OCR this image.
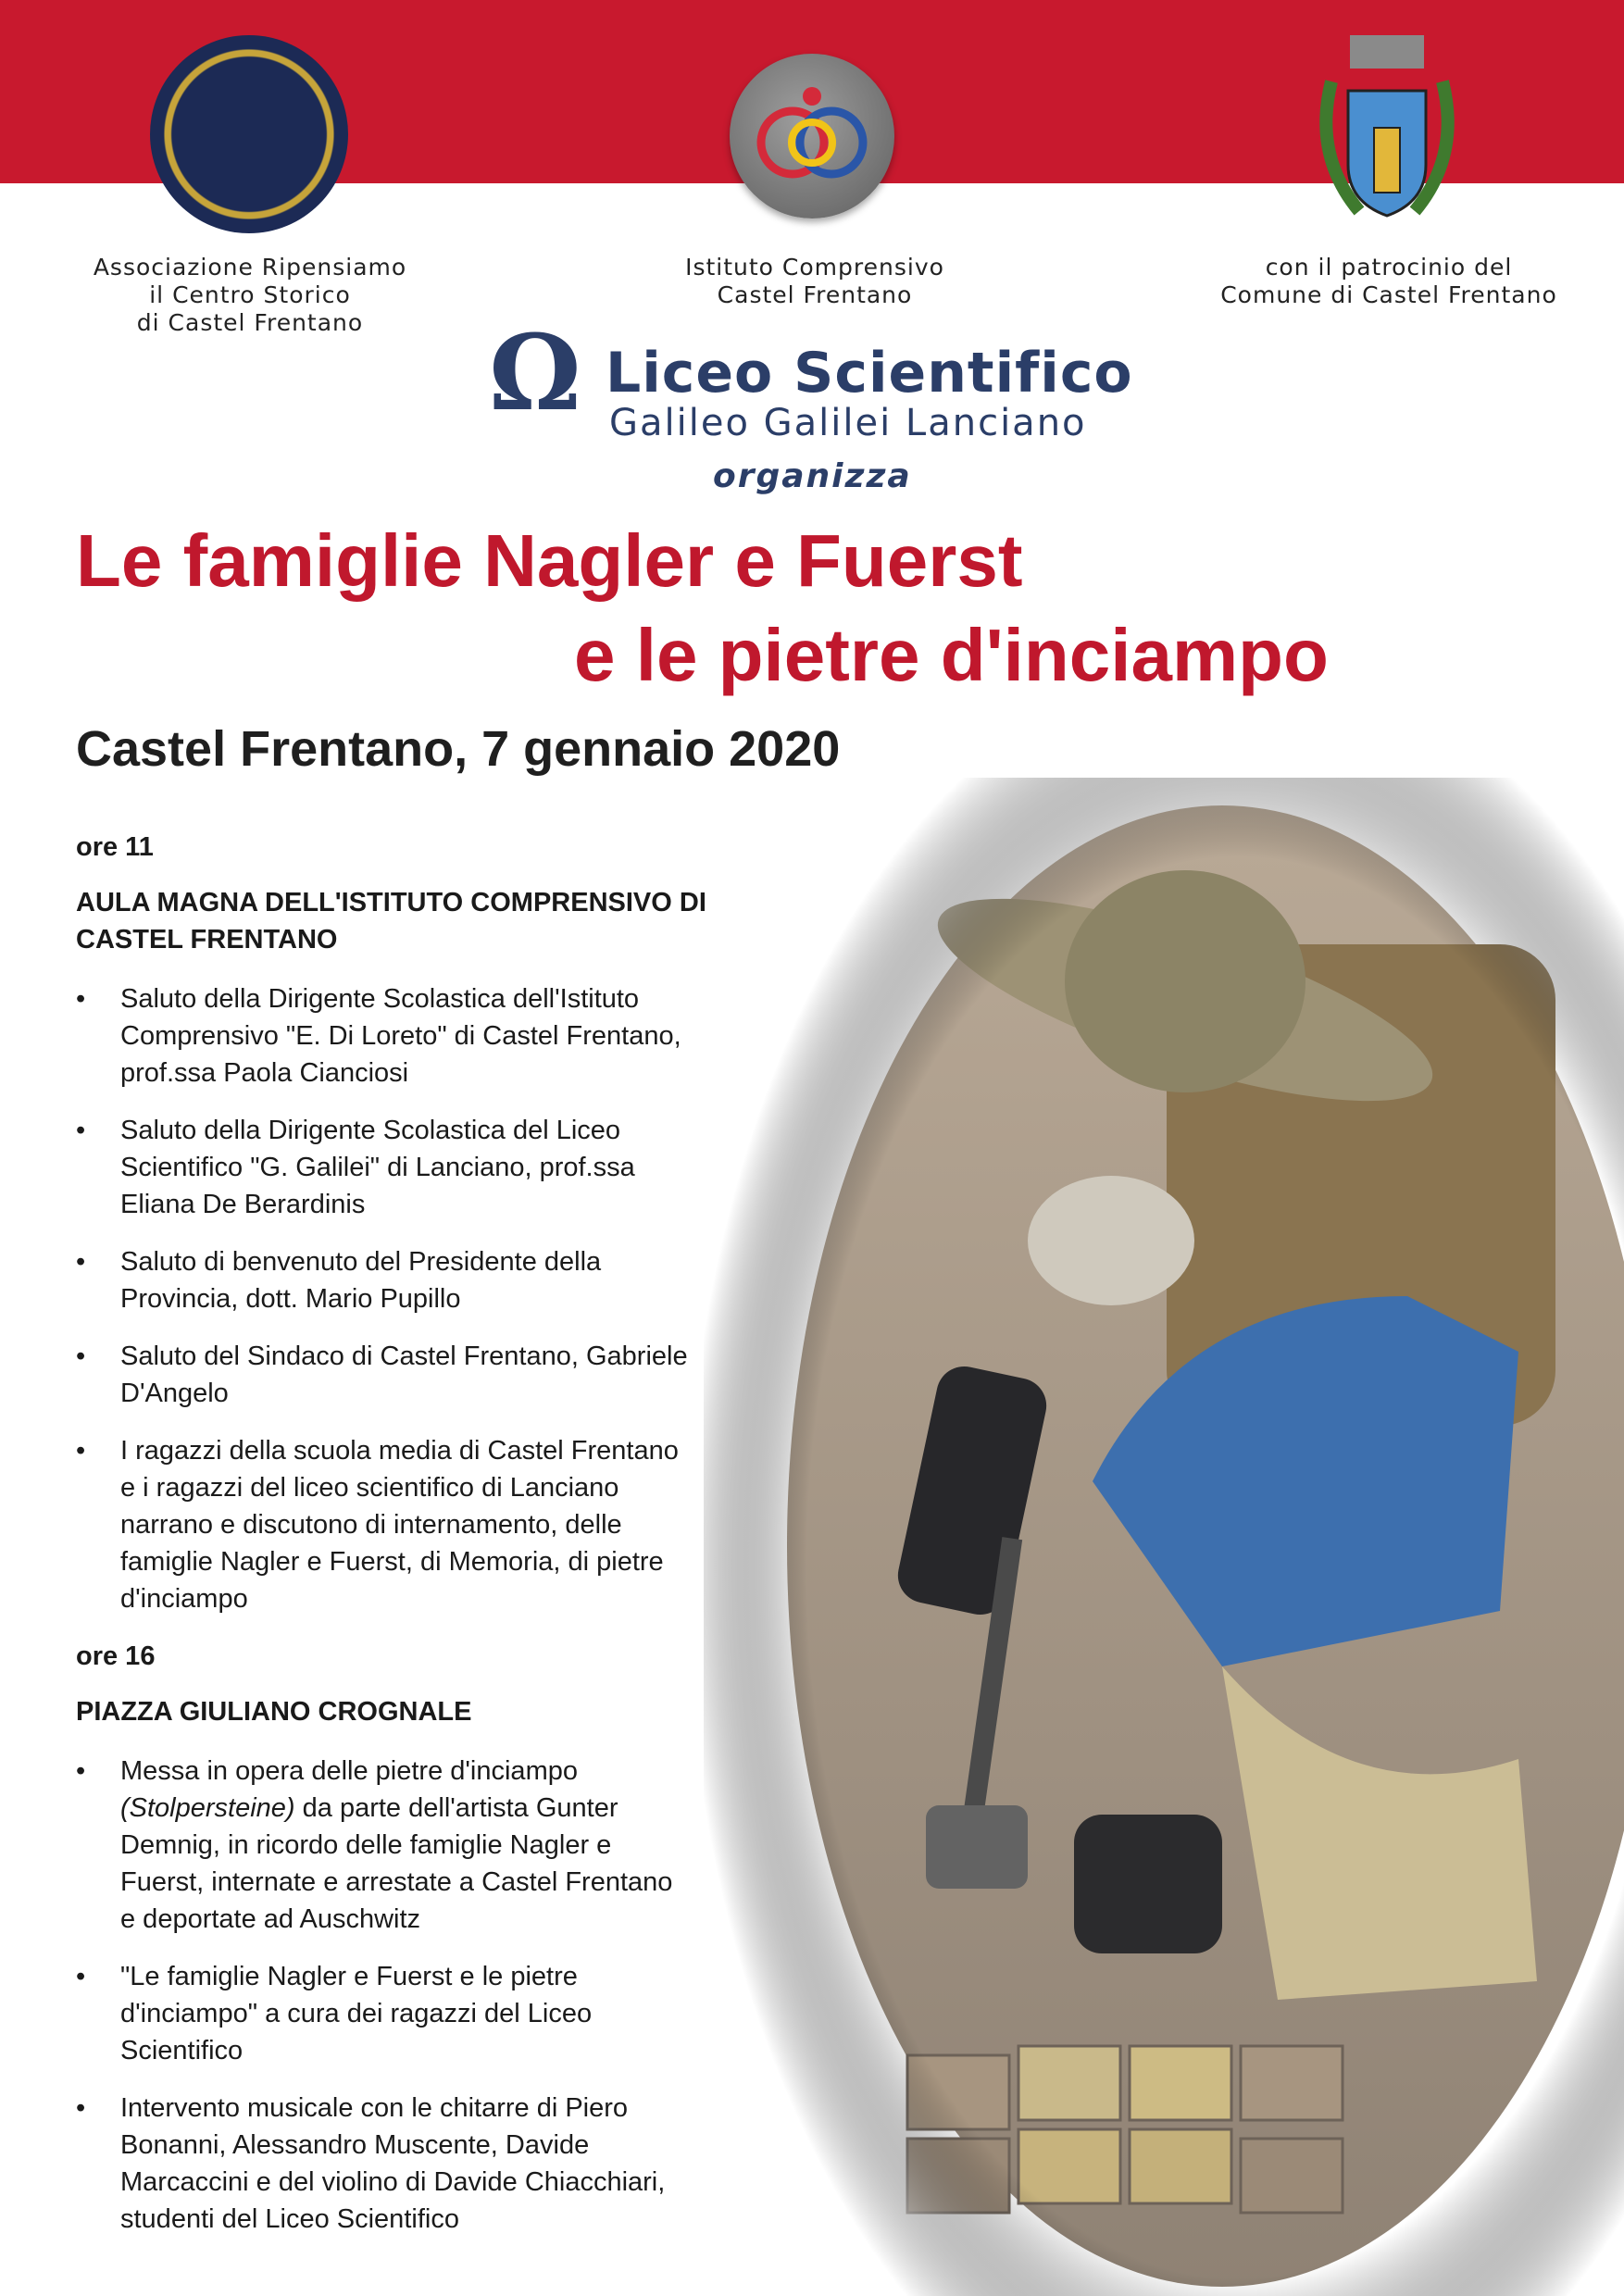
Associazione Ripensiamo
il Centro Storico
di Castel Frentano
Istituto Comprensivo
Castel Frentano
con il patrocinio del
Comune di Castel Frentano
Ω Liceo Scientifico
Galileo Galilei Lanciano
organizza
Le famiglie Nagler e Fuerst
e le pietre d'inciampo
Castel Frentano, 7 gennaio 2020
ore 11
AULA MAGNA DELL'ISTITUTO COMPRENSIVO DI
CASTEL FRENTANO
• Saluto della Dirigente Scolastica dell'Istituto
Comprensivo "E. Di Loreto" di Castel Frentano,
prof.ssa Paola Cianciosi
• Saluto della Dirigente Scolastica del Liceo
Scientifico "G. Galilei" di Lanciano, prof.ssa
Eliana De Berardinis
• Saluto di benvenuto del Presidente della
Provincia, dott. Mario Pupillo
• Saluto del Sindaco di Castel Frentano, Gabriele
D'Angelo
• I ragazzi della scuola media di Castel Frentano
e i ragazzi del liceo scientifico di Lanciano
narrano e discutono di internamento, delle
famiglie Nagler e Fuerst, di Memoria, di pietre
d'inciampo
ore 16
PIAZZA GIULIANO CROGNALE
• Messa in opera delle pietre d'inciampo
(Stolpersteine) da parte dell'artista Gunter
Demnig, in ricordo delle famiglie Nagler e
Fuerst, internate e arrestate a Castel Frentano
e deportate ad Auschwitz
• "Le famiglie Nagler e Fuerst e le pietre
d'inciampo" a cura dei ragazzi del Liceo
Scientifico
• Intervento musicale con le chitarre di Piero
Bonanni, Alessandro Muscente, Davide
Marcaccini e del violino di Davide Chiacchiari,
studenti del Liceo Scientifico
